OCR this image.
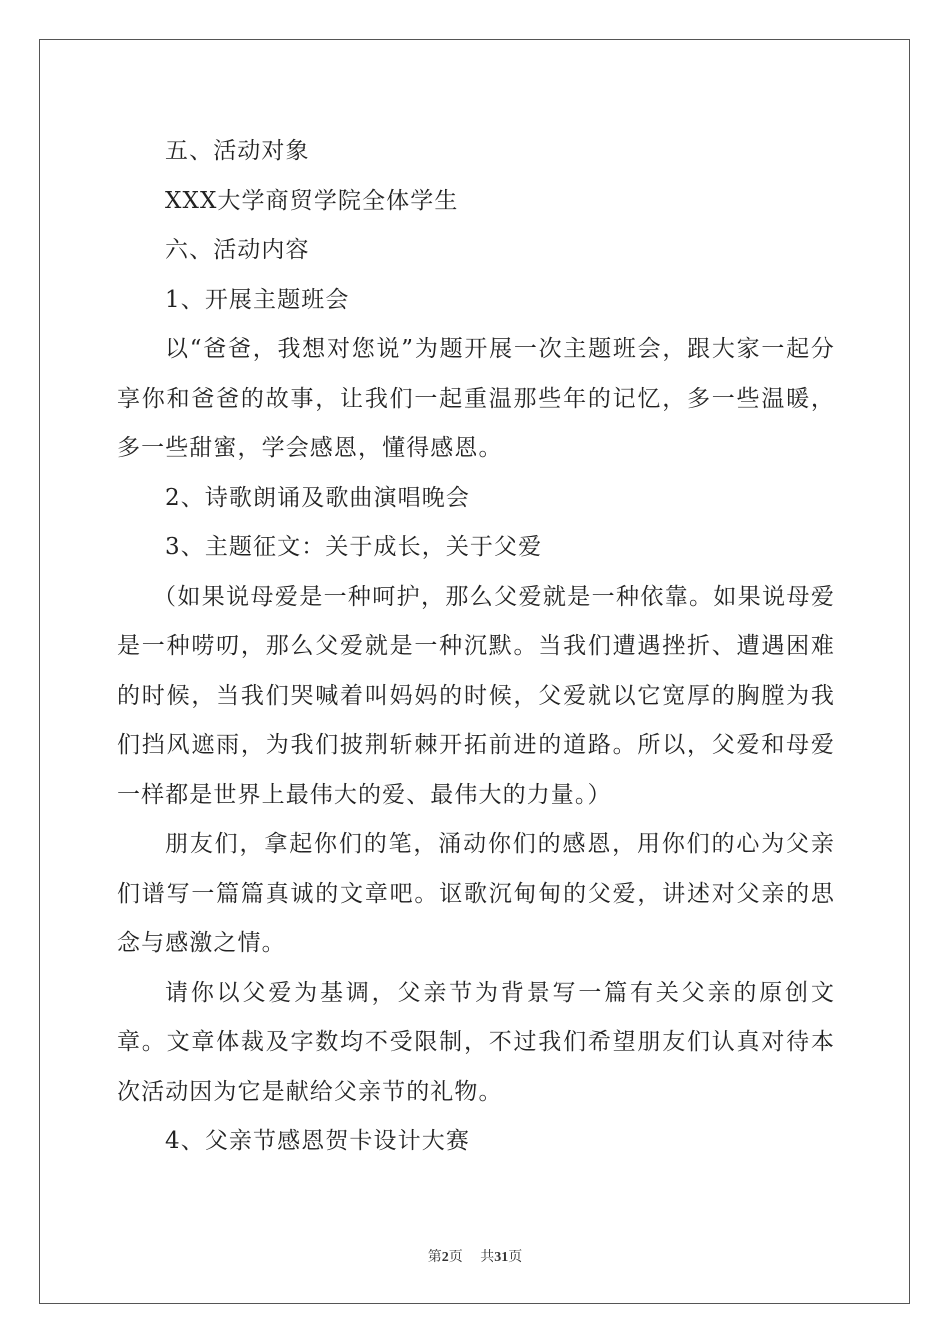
五、活动对象
XXX大学商贸学院全体学生
六、活动内容
1、开展主题班会

以“爸爸，我想对您说”为题开展一次主题班会，跟大家一起分享你和爸爸的故事，让我们一起重温那些年的记忆，多一些温暖，多一些甜蜜，学会感恩，懂得感恩。

2、诗歌朗诵及歌曲演唱晚会
3、主题征文：关于成长，关于父爱

（如果说母爱是一种呵护，那么父爱就是一种依靠。如果说母爱是一种唠叨，那么父爱就是一种沉默。当我们遭遇挫折、遭遇困难的时候，当我们哭喊着叫妈妈的时候，父爱就以它宽厚的胸膛为我们挡风遮雨，为我们披荆斩棘开拓前进的道路。所以，父爱和母爱一样都是世界上最伟大的爱、最伟大的力量。）

朋友们，拿起你们的笔，涌动你们的感恩，用你们的心为父亲们谱写一篇篇真诚的文章吧。讴歌沉甸甸的父爱，讲述对父亲的思念与感激之情。

请你以父爱为基调，父亲节为背景写一篇有关父亲的原创文章。文章体裁及字数均不受限制，不过我们希望朋友们认真对待本次活动因为它是献给父亲节的礼物。

4、父亲节感恩贺卡设计大赛
第2页 共31页
